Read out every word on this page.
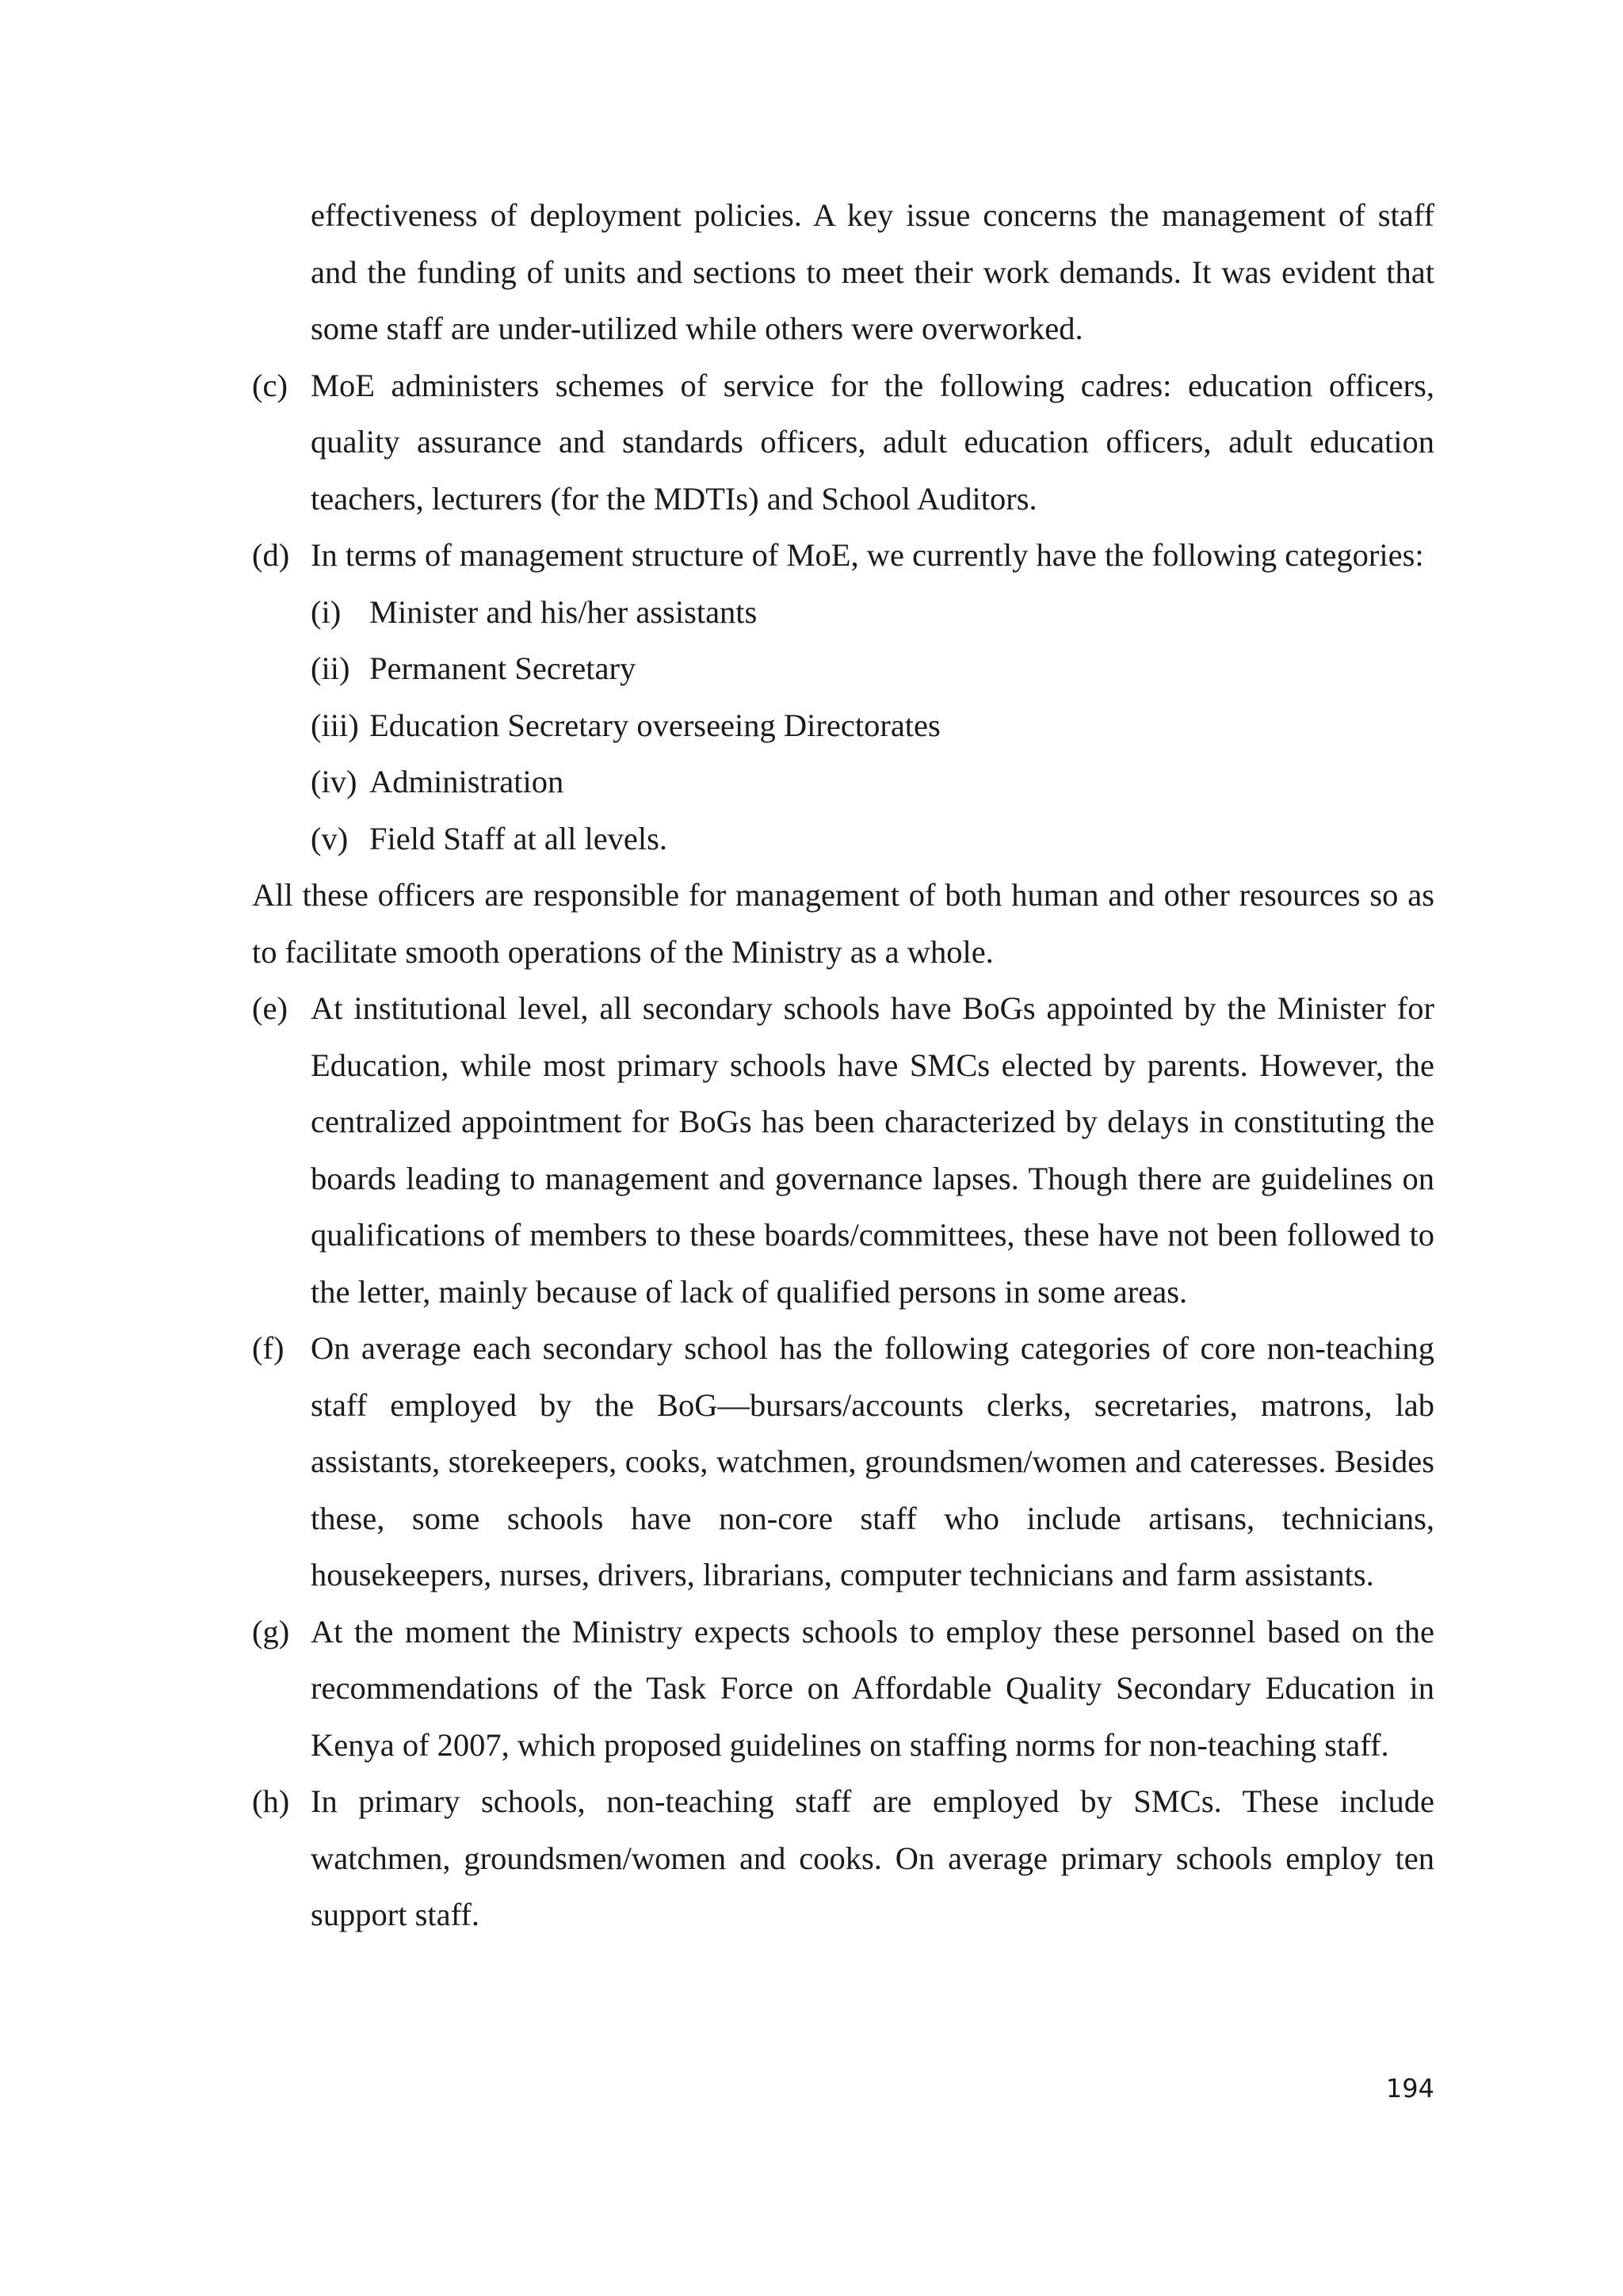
effectiveness of deployment policies. A key issue concerns the management of staff and the funding of units and sections to meet their work demands. It was evident that some staff are under-utilized while others were overworked.

(c) MoE administers schemes of service for the following cadres: education officers, quality assurance and standards officers, adult education officers, adult education teachers, lecturers (for the MDTIs) and School Auditors.
(d) In terms of management structure of MoE, we currently have the following categories:
(i) Minister and his/her assistants
(ii) Permanent Secretary
(iii) Education Secretary overseeing Directorates
(iv) Administration
(v) Field Staff at all levels.

All these officers are responsible for management of both human and other resources so as to facilitate smooth operations of the Ministry as a whole.

(e) At institutional level, all secondary schools have BoGs appointed by the Minister for Education, while most primary schools have SMCs elected by parents. However, the centralized appointment for BoGs has been characterized by delays in constituting the boards leading to management and governance lapses. Though there are guidelines on qualifications of members to these boards/committees, these have not been followed to the letter, mainly because of lack of qualified persons in some areas.
(f) On average each secondary school has the following categories of core non-teaching staff employed by the BoG—bursars/accounts clerks, secretaries, matrons, lab assistants, storekeepers, cooks, watchmen, groundsmen/women and cateresses. Besides these, some schools have non-core staff who include artisans, technicians, housekeepers, nurses, drivers, librarians, computer technicians and farm assistants.
(g) At the moment the Ministry expects schools to employ these personnel based on the recommendations of the Task Force on Affordable Quality Secondary Education in Kenya of 2007, which proposed guidelines on staffing norms for non-teaching staff.
(h) In primary schools, non-teaching staff are employed by SMCs. These include watchmen, groundsmen/women and cooks. On average primary schools employ ten support staff.
194
